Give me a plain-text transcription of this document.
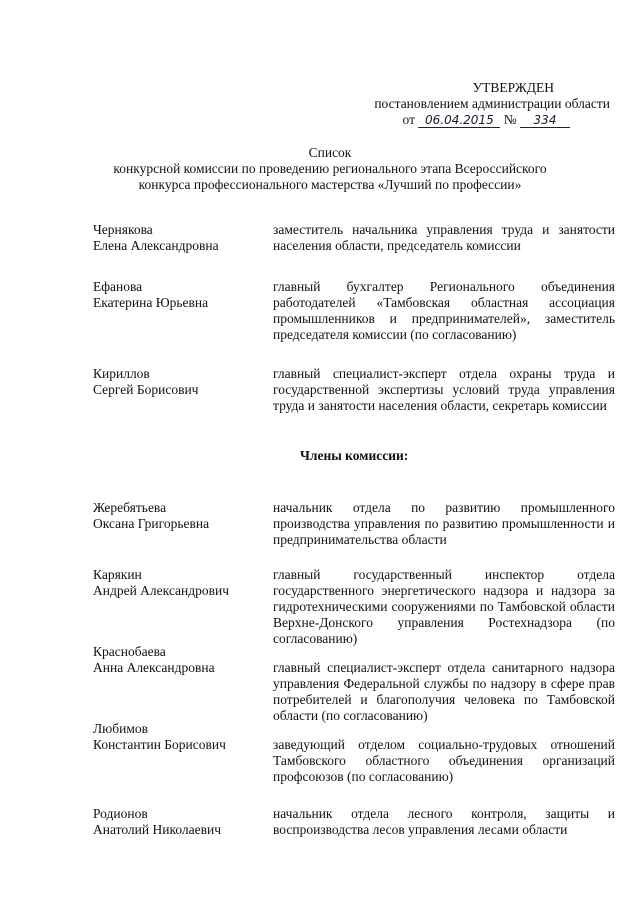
УТВЕРЖДЕН
постановлением администрации области
от 06.04.2015 № 334
Список
конкурсной комиссии по проведению регионального этапа Всероссийского
конкурса профессионального мастерства «Лучший по профессии»
Чернякова
Елена Александровна
заместитель начальника управления труда и занятости населения области, председатель комиссии
Ефанова
Екатерина Юрьевна
главный бухгалтер Регионального объединения работодателей «Тамбовская областная ассоциация промышленников и предпринимателей», заместитель председателя комиссии (по согласованию)
Кириллов
Сергей Борисович
главный специалист-эксперт отдела охраны труда и государственной экспертизы условий труда управления труда и занятости населения области, секретарь комиссии
Члены комиссии:
Жеребятьева
Оксана Григорьевна
начальник отдела по развитию промышленного производства управления по развитию промышленности и предпринимательства области
Карякин
Андрей Александрович
главный государственный инспектор отдела государственного энергетического надзора и надзора за гидротехническими сооружениями по Тамбовской области Верхне-Донского управления Ростехнадзора (по согласованию)
Краснобаева
Анна Александровна	главный специалист-эксперт отдела санитарного надзора управления Федеральной службы по надзору в сфере прав потребителей и благополучия человека по Тамбовской области (по согласованию)
Любимов
Константин Борисович	заведующий отделом социально-трудовых отношений Тамбовского областного объединения организаций профсоюзов (по согласованию)
Родионов
Анатолий Николаевич
начальник отдела лесного контроля, защиты и воспроизводства лесов управления лесами области
